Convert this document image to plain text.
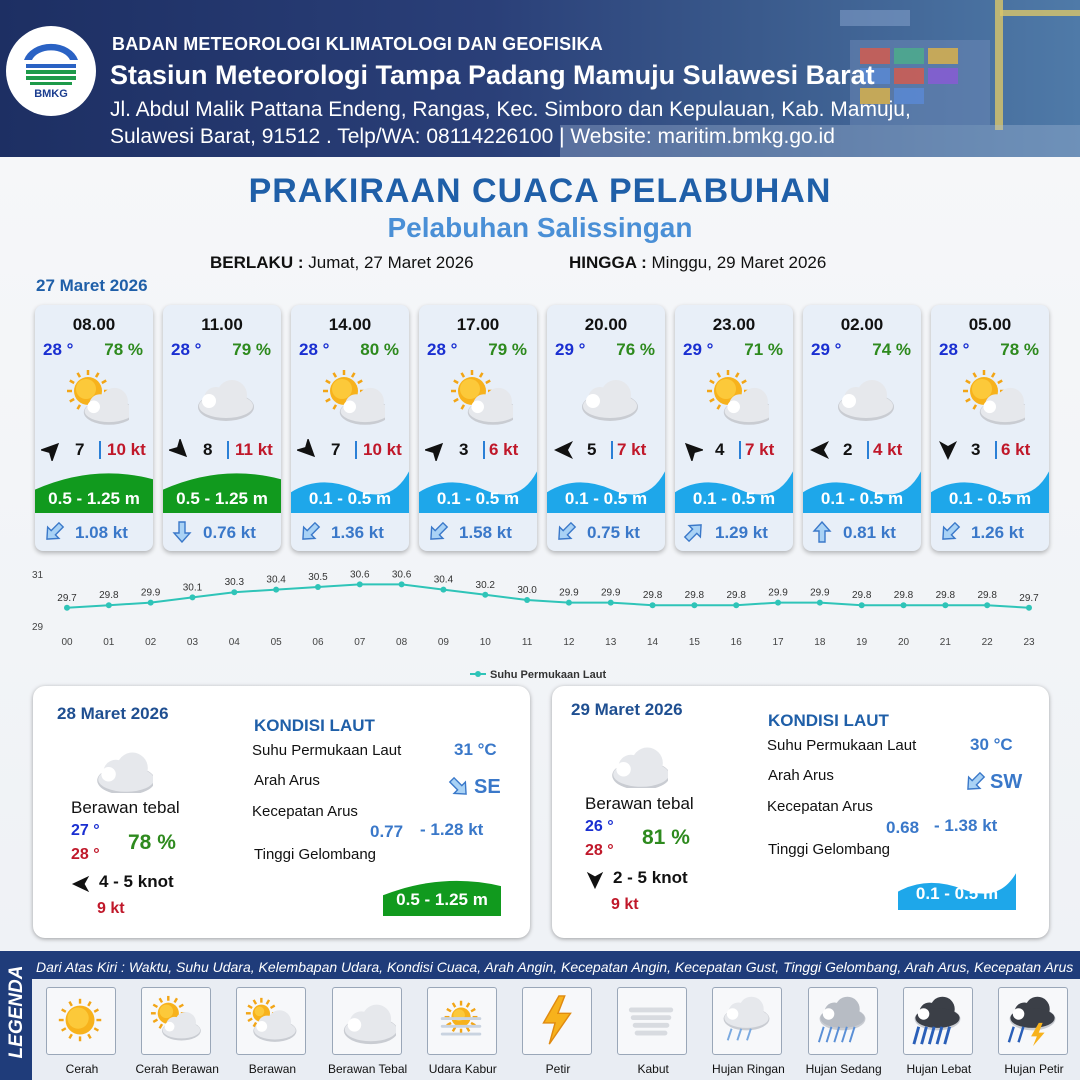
BMKG
BADAN METEOROLOGI KLIMATOLOGI DAN GEOFISIKA
Stasiun Meteorologi Tampa Padang Mamuju Sulawesi Barat
Jl. Abdul Malik Pattana Endeng, Rangas, Kec. Simboro dan Kepulauan, Kab. Mamuju,
Sulawesi Barat, 91512 . Telp/WA: 08114226100 | Website: maritim.bmkg.go.id
PRAKIRAAN CUACA PELABUHAN
Pelabuhan Salissingan
BERLAKU : Jumat, 27 Maret 2026	HINGGA : Minggu, 29 Maret 2026
27 Maret 2026
08.00
28 ° 78 %
7 10 kt
0.5 - 1.25 m
1.08 kt
11.00
28 ° 79 %
8 11 kt
0.5 - 1.25 m
0.76 kt
14.00
28 ° 80 %
7 10 kt
0.1 - 0.5 m
1.36 kt
17.00
28 ° 79 %
3 6 kt
0.1 - 0.5 m
1.58 kt
20.00
29 ° 76 %
5 7 kt
0.1 - 0.5 m
0.75 kt
23.00
29 ° 71 %
4 7 kt
0.1 - 0.5 m
1.29 kt
02.00
29 ° 74 %
2 4 kt
0.1 - 0.5 m
0.81 kt
05.00
28 ° 78 %
3 6 kt
0.1 - 0.5 m
1.26 kt
31
29
29.7
00
29.8
01
29.9
02
30.1
03
30.3
04
30.4
05
30.5
06
30.6
07
30.6
08
30.4
09
30.2
10
30.0
11
29.9
12
29.9
13
29.8
14
29.8
15
29.8
16
29.9
17
29.9
18
29.8
19
29.8
20
29.8
21
29.8
22
29.7
23
Suhu Permukaan Laut
28 Maret 2026
Berawan tebal
27 °
28 °
78 %
4 - 5 knot
9 kt
KONDISI LAUT
Suhu Permukaan Laut	31 °C
Arah Arus	SE
Kecepatan Arus
0.77 - 1.28 kt
Tinggi Gelombang
0.5 - 1.25 m
29 Maret 2026
Berawan tebal
26 °
28 °
81 %
2 - 5 knot
9 kt
KONDISI LAUT
Suhu Permukaan Laut	30 °C
Arah Arus	SW
Kecepatan Arus
0.68 - 1.38 kt
Tinggi Gelombang
0.1 - 0.5 m
LEGENDA Dari Atas Kiri : Waktu, Suhu Udara, Kelembapan Udara, Kondisi Cuaca, Arah Angin, Kecepatan Angin, Kecepatan Gust, Tinggi Gelombang, Arah Arus, Kecepatan Arus
Cerah	Cerah Berawan	Berawan	Berawan Tebal	Udara Kabur	Petir	Kabut	Hujan Ringan	Hujan Sedang	Hujan Lebat	Hujan Petir
